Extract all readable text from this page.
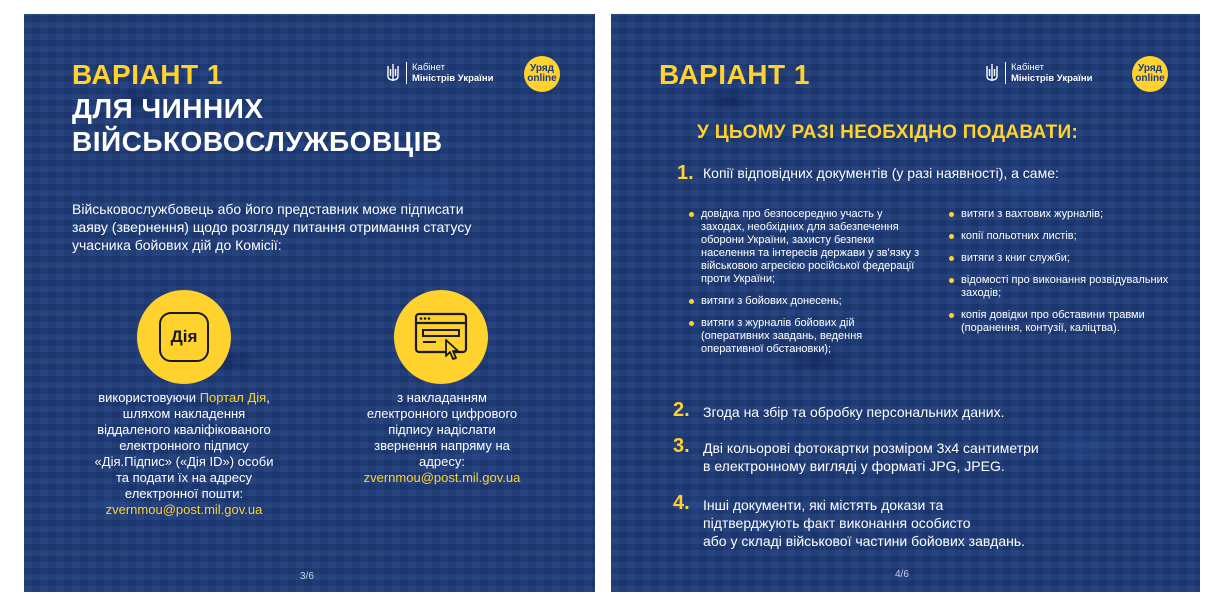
ВАРІАНТ 1
ДЛЯ ЧИННИХ
ВІЙСЬКОВОСЛУЖБОВЦІВ
Кабінет
Міністрів України
Уряд
online
Військовослужбовець або його представник може підписати
заяву (звернення) щодо розгляду питання отримання статусу
учасника бойових дій до Комісії:
Дія
використовуючи Портал Дія,
шляхом накладення
віддаленого кваліфікованого
електронного підпису
«Дія.Підпис» («Дія ID») особи
та подати їх на адресу
електронної пошти:
zvernmou@post.mil.gov.ua
з накладанням
електронного цифрового
підпису надіслати
звернення напряму на
адресу:
zvernmou@post.mil.gov.ua
3/6
ВАРІАНТ 1	Кабінет
Міністрів України
Уряд
online
У ЦЬОМУ РАЗІ НЕОБХІДНО ПОДАВАТИ:
1. Копії відповідних документів (у разі наявності), а саме:
довідка про безпосередню участь у заходах, необхідних для забезпечення оборони України, захисту безпеки населення та інтересів держави у зв'язку з військовою агресією російської федерації проти України;
витяги з бойових донесень;
витяги з журналів бойових дій (оперативних завдань, ведення оперативної обстановки);
витяги з вахтових журналів;
копії польотних листів;
витяги з книг служби;
відомості про виконання розвідувальних заходів;
копія довідки про обставини травми (поранення, контузії, каліцтва).
2. Згода на збір та обробку персональних даних.
3. Дві кольорові фотокартки розміром 3х4 сантиметри
в електронному вигляді у форматі JPG, JPEG.
4. Інші документи, які містять докази та
підтверджують факт виконання особисто
або у складі військової частини бойових завдань.
4/6
